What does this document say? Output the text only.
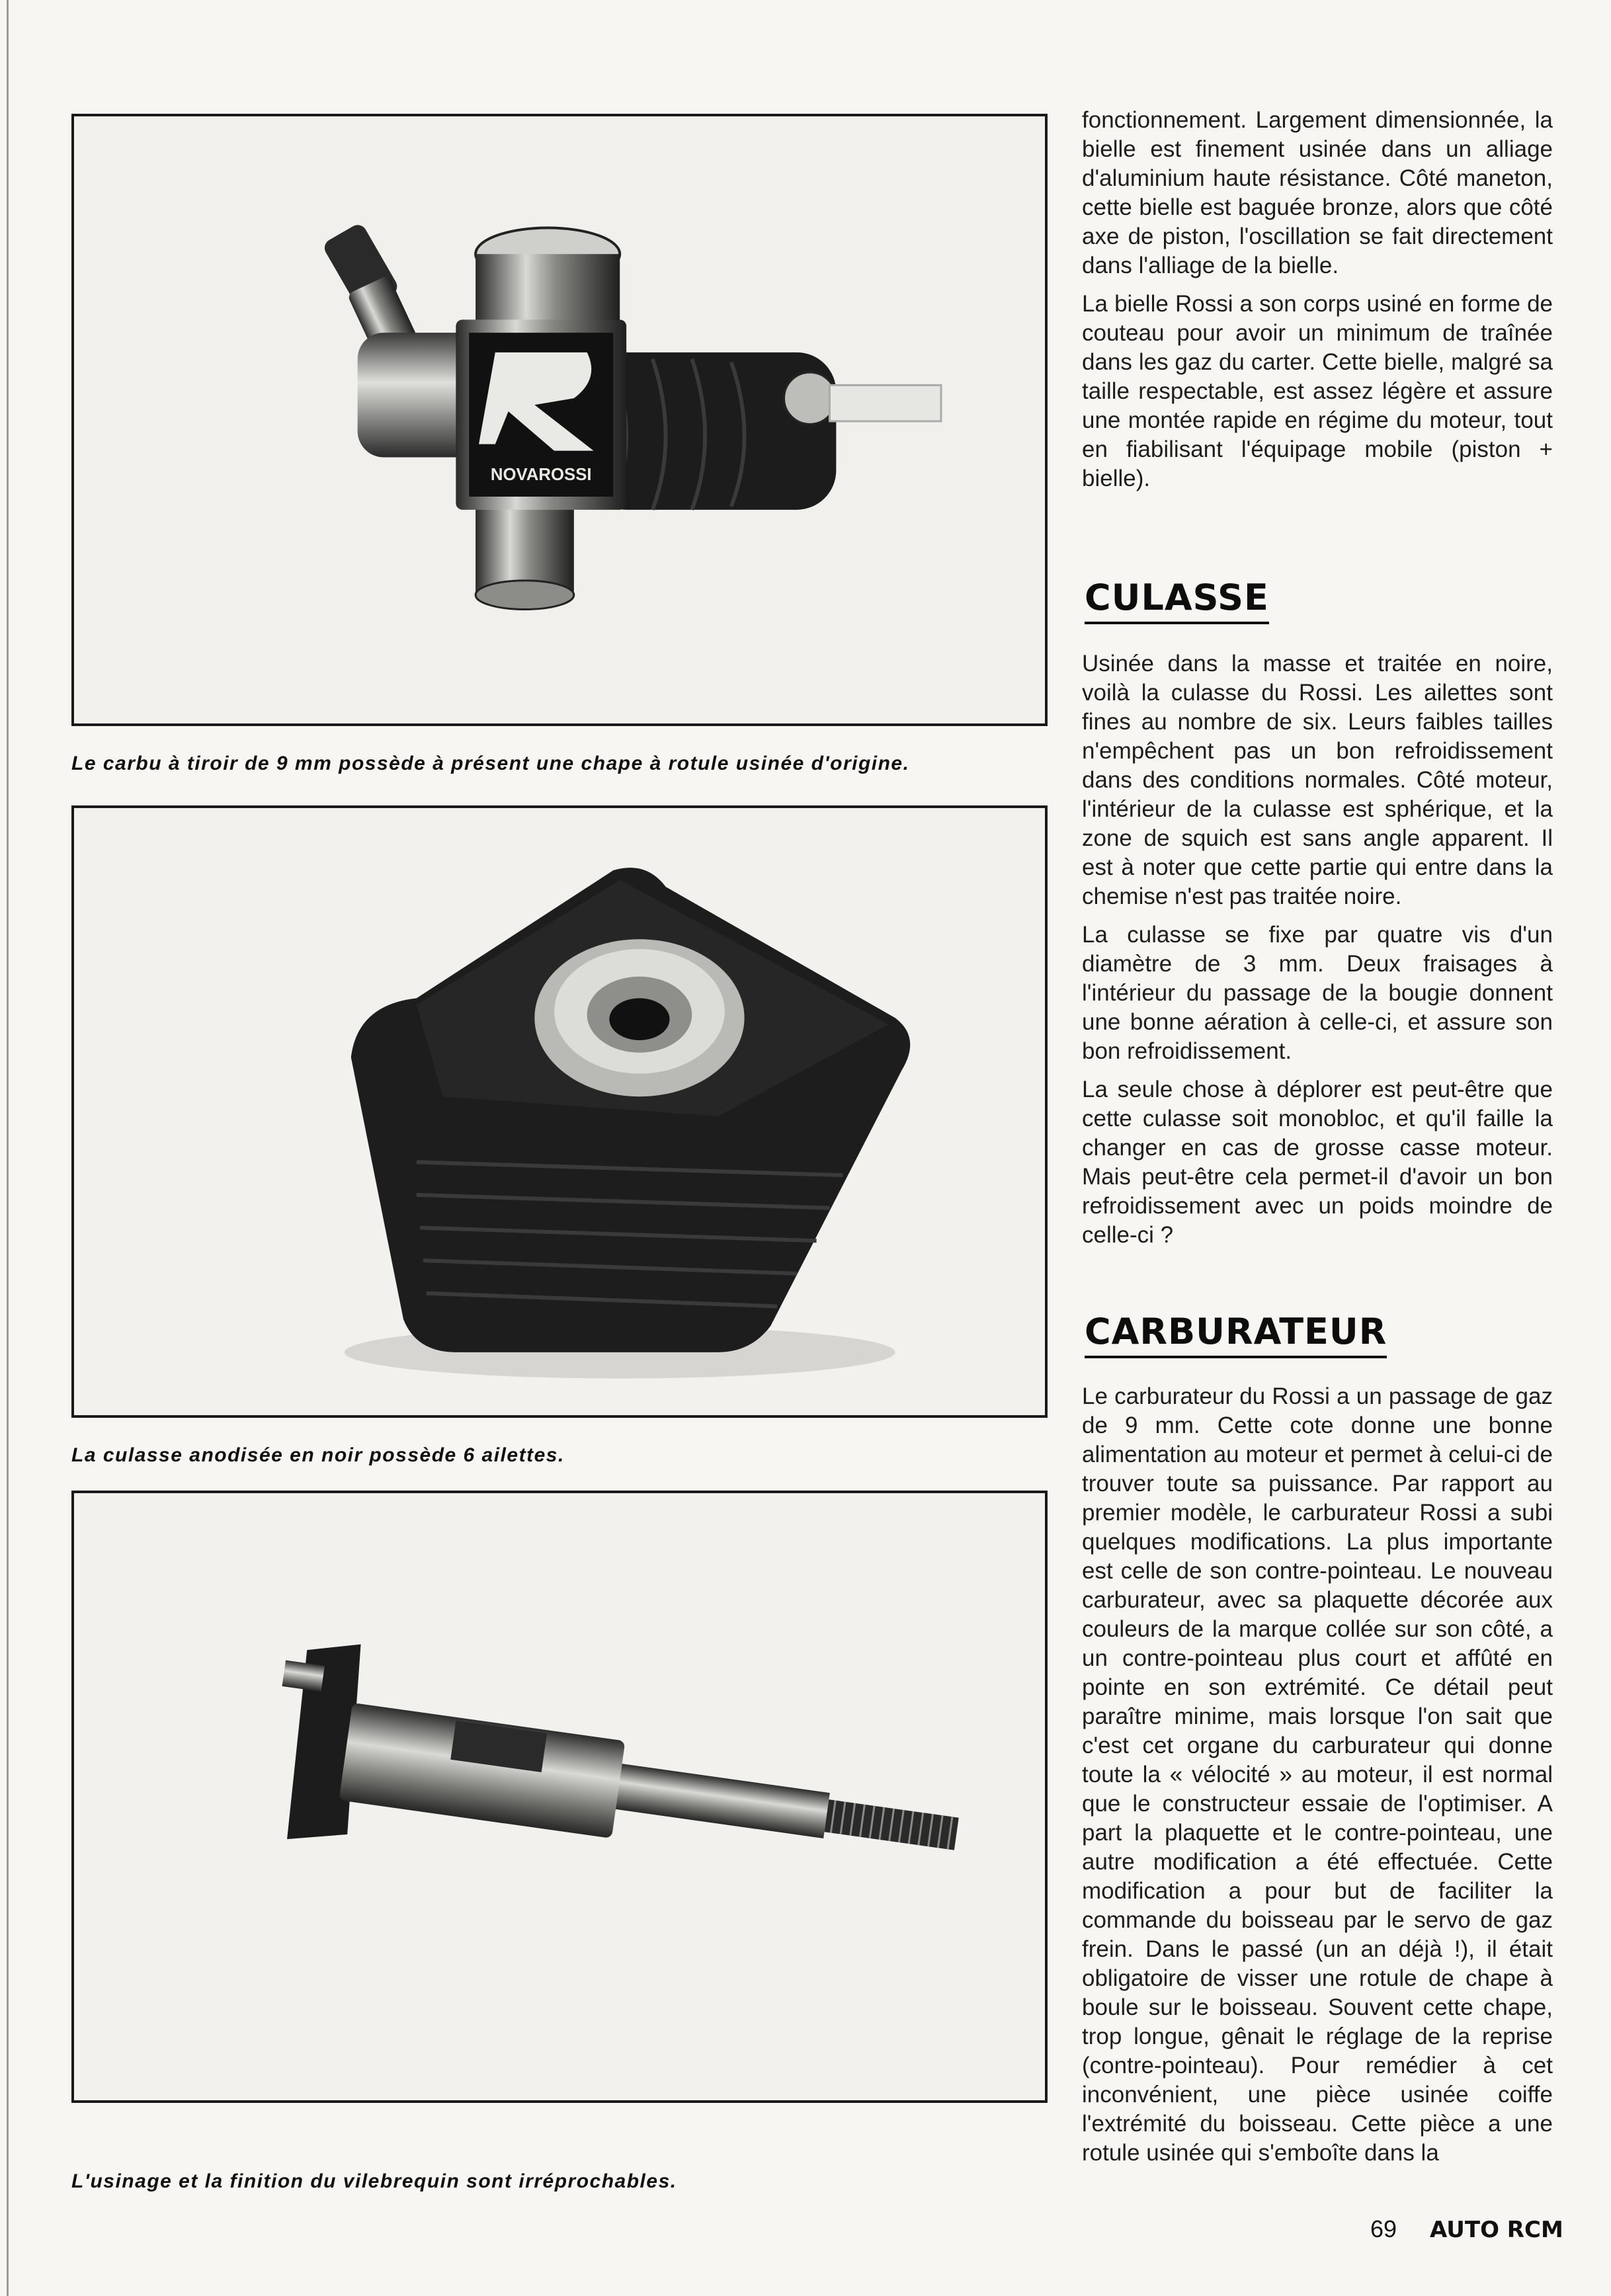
NOVAROSSI
Le carbu à tiroir de 9 mm possède à présent une chape à rotule usinée d'origine.
La culasse anodisée en noir possède 6 ailettes.
L'usinage et la finition du vilebrequin sont irréprochables.

fonctionnement. Largement dimensionnée, la bielle est finement usinée dans un alliage d'aluminium haute résistance. Côté maneton, cette bielle est baguée bronze, alors que côté axe de piston, l'oscillation se fait directement dans l'alliage de la bielle.

La bielle Rossi a son corps usiné en forme de couteau pour avoir un minimum de traînée dans les gaz du carter. Cette bielle, malgré sa taille respectable, est assez légère et assure une montée rapide en régime du moteur, tout en fiabilisant l'équipage mobile (piston + bielle).

CULASSE

Usinée dans la masse et traitée en noire, voilà la culasse du Rossi. Les ailettes sont fines au nombre de six. Leurs faibles tailles n'empêchent pas un bon refroidissement dans des conditions normales. Côté moteur, l'intérieur de la culasse est sphérique, et la zone de squich est sans angle apparent. Il est à noter que cette partie qui entre dans la chemise n'est pas traitée noire.

La culasse se fixe par quatre vis d'un diamètre de 3 mm. Deux fraisages à l'intérieur du passage de la bougie donnent une bonne aération à celle-ci, et assure son bon refroidissement.

La seule chose à déplorer est peut-être que cette culasse soit monobloc, et qu'il faille la changer en cas de grosse casse moteur. Mais peut-être cela permet-il d'avoir un bon refroidissement avec un poids moindre de celle-ci ?

CARBURATEUR

Le carburateur du Rossi a un passage de gaz de 9 mm. Cette cote donne une bonne alimentation au moteur et permet à celui-ci de trouver toute sa puissance. Par rapport au premier modèle, le carburateur Rossi a subi quelques modifications. La plus importante est celle de son contre-pointeau. Le nouveau carburateur, avec sa plaquette décorée aux couleurs de la marque collée sur son côté, a un contre-pointeau plus court et affûté en pointe en son extrémité. Ce détail peut paraître minime, mais lorsque l'on sait que c'est cet organe du carburateur qui donne toute la « vélocité » au moteur, il est normal que le constructeur essaie de l'optimiser. A part la plaquette et le contre-pointeau, une autre modification a été effectuée. Cette modification a pour but de faciliter la commande du boisseau par le servo de gaz frein. Dans le passé (un an déjà !), il était obligatoire de visser une rotule de chape à boule sur le boisseau. Souvent cette chape, trop longue, gênait le réglage de la reprise (contre-pointeau). Pour remédier à cet inconvénient, une pièce usinée coiffe l'extrémité du boisseau. Cette pièce a une rotule usinée qui s'emboîte dans la

69 AUTO RCM
